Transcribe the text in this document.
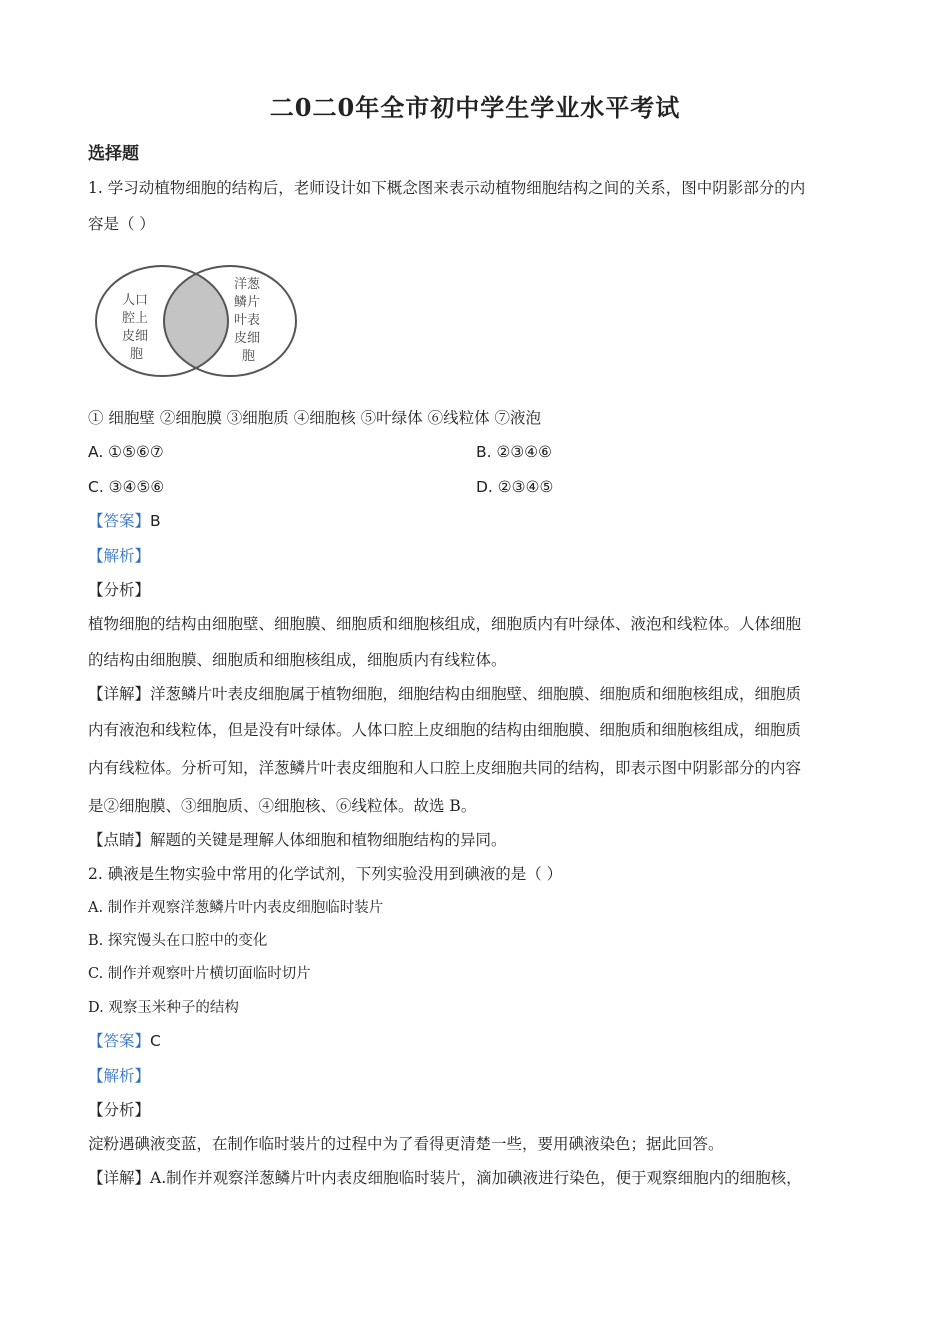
二0二0年全市初中学生学业水平考试
选择题
1. 学习动植物细胞的结构后，老师设计如下概念图来表示动植物细胞结构之间的关系，图中阴影部分的内
容是（ ）
人口
腔上
皮细
胞
洋葱
鳞片
叶表
皮细
胞
① 细胞壁 ②细胞膜 ③细胞质 ④细胞核 ⑤叶绿体 ⑥线粒体 ⑦液泡
A. ①⑤⑥⑦	B. ②③④⑥
C. ③④⑤⑥	D. ②③④⑤
【答案】B
【解析】
【分析】
植物细胞的结构由细胞壁、细胞膜、细胞质和细胞核组成，细胞质内有叶绿体、液泡和线粒体。人体细胞
的结构由细胞膜、细胞质和细胞核组成，细胞质内有线粒体。
【详解】洋葱鳞片叶表皮细胞属于植物细胞，细胞结构由细胞壁、细胞膜、细胞质和细胞核组成，细胞质
内有液泡和线粒体，但是没有叶绿体。人体口腔上皮细胞的结构由细胞膜、细胞质和细胞核组成，细胞质
内有线粒体。分析可知，洋葱鳞片叶表皮细胞和人口腔上皮细胞共同的结构，即表示图中阴影部分的内容
是②细胞膜、③细胞质、④细胞核、⑥线粒体。故选 B。
【点睛】解题的关键是理解人体细胞和植物细胞结构的异同。
2. 碘液是生物实验中常用的化学试剂，下列实验没用到碘液的是（ ）
A. 制作并观察洋葱鳞片叶内表皮细胞临时装片
B. 探究馒头在口腔中的变化
C. 制作并观察叶片横切面临时切片
D. 观察玉米种子的结构
【答案】C
【解析】
【分析】
淀粉遇碘液变蓝，在制作临时装片的过程中为了看得更清楚一些，要用碘液染色；据此回答。
【详解】A.制作并观察洋葱鳞片叶内表皮细胞临时装片，滴加碘液进行染色，便于观察细胞内的细胞核，
